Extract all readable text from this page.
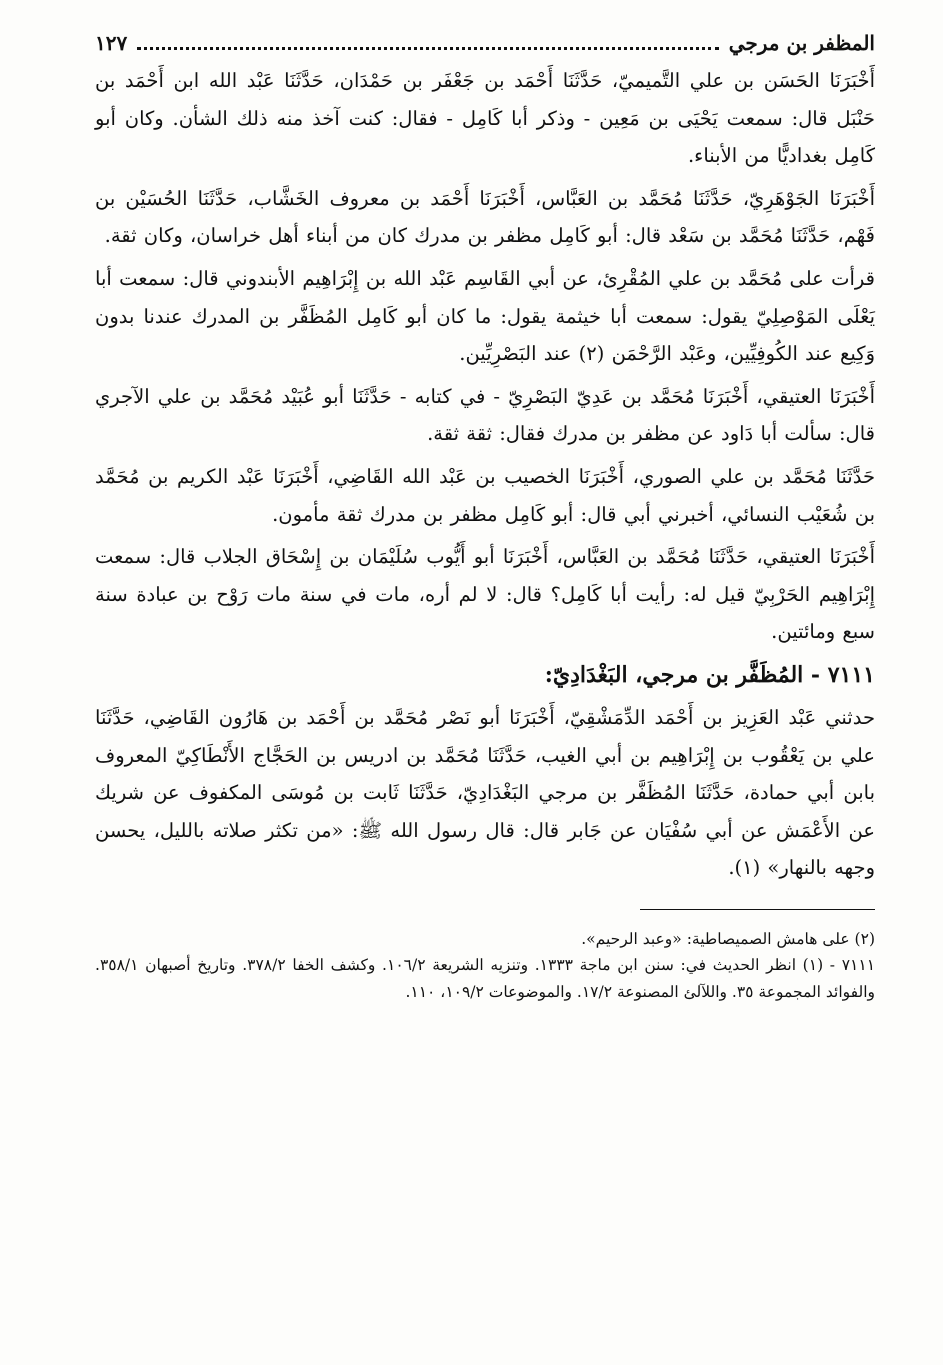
المظفر بن مرجي
١٢٧

أَخْبَرَنَا الحَسَن بن علي التَّميميّ، حَدَّثَنَا أَحْمَد بن جَعْفَر بن حَمْدَان، حَدَّثَنَا عَبْد الله ابن أَحْمَد بن حَنْبَل قال: سمعت يَحْيَى بن مَعِين - وذكر أبا كَامِل - فقال: كنت آخذ منه ذلك الشأن. وكان أبو كَامِل بغداديًّا من الأبناء.

أَخْبَرَنَا الجَوْهَرِيّ، حَدَّثَنَا مُحَمَّد بن العَبَّاس، أَخْبَرَنَا أَحْمَد بن معروف الخَشَّاب، حَدَّثَنَا الحُسَيْن بن فَهْم، حَدَّثَنَا مُحَمَّد بن سَعْد قال: أبو كَامِل مظفر بن مدرك كان من أبناء أهل خراسان، وكان ثقة.

قرأت على مُحَمَّد بن علي المُقْرِئ، عن أبي القَاسِم عَبْد الله بن إِبْرَاهِيم الأبندوني قال: سمعت أبا يَعْلَى المَوْصِلِيّ يقول: سمعت أبا خيثمة يقول: ما كان أبو كَامِل المُظَفَّر بن المدرك عندنا بدون وَكِيع عند الكُوفِيِّين، وعَبْد الرَّحْمَن (٢) عند البَصْرِيِّين.

أَخْبَرَنَا العتيقي، أَخْبَرَنَا مُحَمَّد بن عَدِيّ البَصْرِيّ - في كتابه - حَدَّثَنَا أبو عُبَيْد مُحَمَّد بن علي الآجري قال: سألت أبا دَاود عن مظفر بن مدرك فقال: ثقة ثقة.

حَدَّثَنَا مُحَمَّد بن علي الصوري، أَخْبَرَنَا الخصيب بن عَبْد الله القَاضِي، أَخْبَرَنَا عَبْد الكريم بن مُحَمَّد بن شُعَيْب النسائي، أخبرني أبي قال: أبو كَامِل مظفر بن مدرك ثقة مأمون.

أَخْبَرَنَا العتيقي، حَدَّثَنَا مُحَمَّد بن العَبَّاس، أَخْبَرَنَا أبو أَيُّوب سُلَيْمَان بن إِسْحَاق الجلاب قال: سمعت إِبْرَاهِيم الحَرْبِيّ قيل له: رأيت أبا كَامِل؟ قال: لا لم أره، مات في سنة مات رَوْح بن عبادة سنة سبع ومائتين.

٧١١١ - المُظَفَّر بن مرجي، البَغْدَادِيّ:

حدثني عَبْد العَزِيز بن أَحْمَد الدِّمَشْقِيّ، أَخْبَرَنَا أبو نَصْر مُحَمَّد بن أَحْمَد بن هَارُون القَاضِي، حَدَّثَنَا علي بن يَعْقُوب بن إِبْرَاهِيم بن أبي الغيب، حَدَّثَنَا مُحَمَّد بن ادريس بن الحَجَّاج الأَنْطَاكِيّ المعروف بابن أبي حمادة، حَدَّثَنَا المُظَفَّر بن مرجي البَغْدَادِيّ، حَدَّثَنَا ثَابت بن مُوسَى المكفوف عن شريك عن الأَعْمَش عن أبي سُفْيَان عن جَابر قال: قال رسول الله ﷺ: «من تكثر صلاته بالليل، يحسن وجهه بالنهار» (١).

(٢) على هامش الصميصاطية: «وعبد الرحيم».

٧١١١ - (١) انظر الحديث في: سنن ابن ماجة ١٣٣٣. وتنزيه الشريعة ١٠٦/٢. وكشف الخفا ٣٧٨/٢. وتاريخ أصبهان ٣٥٨/١. والفوائد المجموعة ٣٥. واللآلئ المصنوعة ١٧/٢. والموضوعات ١٠٩/٢، ١١٠.
